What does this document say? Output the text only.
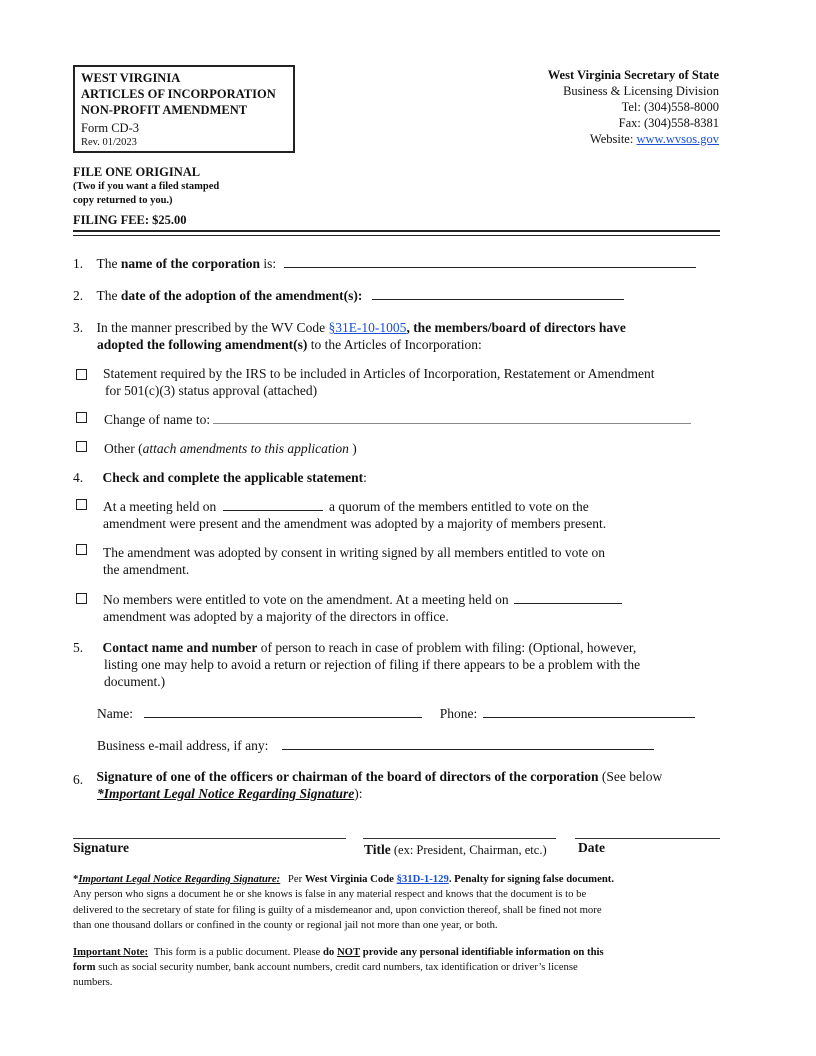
WEST VIRGINIA
ARTICLES OF INCORPORATION
NON-PROFIT AMENDMENT
Form CD-3
Rev. 01/2023
West Virginia Secretary of State
Business & Licensing Division
Tel: (304)558-8000
Fax: (304)558-8381
Website: www.wvsos.gov
FILE ONE ORIGINAL
(Two if you want a filed stamped
copy returned to you.)
FILING FEE: $25.00
1. The name of the corporation is:
2. The date of the adoption of the amendment(s):
3. In the manner prescribed by the WV Code §31E-10-1005, the members/board of directors have
adopted the following amendment(s) to the Articles of Incorporation:
Statement required by the IRS to be included in Articles of Incorporation, Restatement or Amendment
for 501(c)(3) status approval (attached)
Change of name to:
Other (attach amendments to this application )
4. Check and complete the applicable statement:
At a meeting held on	a quorum of the members entitled to vote on the
amendment were present and the amendment was adopted by a majority of members present.
The amendment was adopted by consent in writing signed by all members entitled to vote on
the amendment.
No members were entitled to vote on the amendment. At a meeting held on
amendment was adopted by a majority of the directors in office.
5. Contact name and number of person to reach in case of problem with filing: (Optional, however,
listing one may help to avoid a return or rejection of filing if there appears to be a problem with the
document.)
Name:	Phone:
Business e-mail address, if any:
6. Signature of one of the officers or chairman of the board of directors of the corporation (See below
*Important Legal Notice Regarding Signature):
Signature	Title (ex: President, Chairman, etc.) Date
*Important Legal Notice Regarding Signature: Per West Virginia Code §31D-1-129. Penalty for signing false document.
Any person who signs a document he or she knows is false in any material respect and knows that the document is to be
delivered to the secretary of state for filing is guilty of a misdemeanor and, upon conviction thereof, shall be fined not more
than one thousand dollars or confined in the county or regional jail not more than one year, or both.
Important Note: This form is a public document. Please do NOT provide any personal identifiable information on this
form such as social security number, bank account numbers, credit card numbers, tax identification or driver’s license
numbers.
